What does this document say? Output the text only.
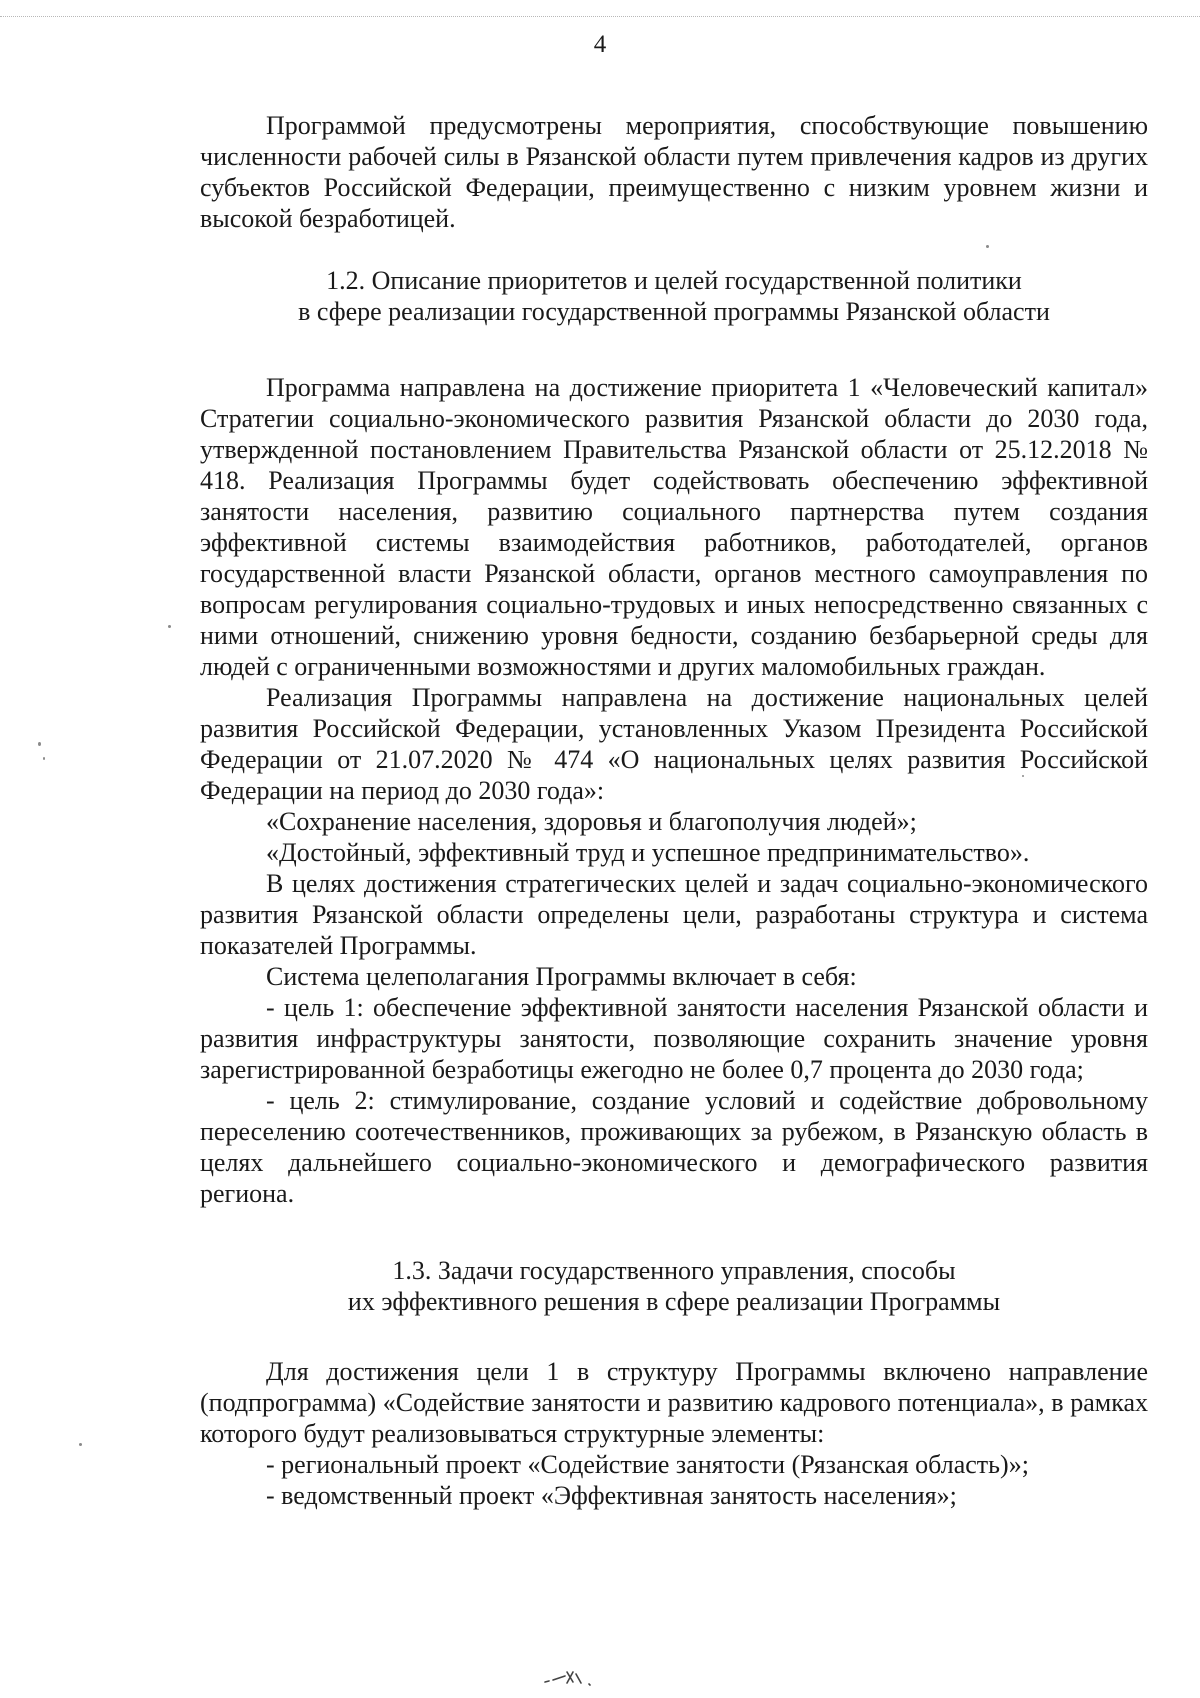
4

Программой предусмотрены мероприятия, способствующие повышению численности рабочей силы в Рязанской области путем привлечения кадров из других субъектов Российской Федерации, преимущественно с низким уровнем жизни и высокой безработицей.

1.2. Описание приоритетов и целей государственной политики
в сфере реализации государственной программы Рязанской области

Программа направлена на достижение приоритета 1 «Человеческий капитал» Стратегии социально-экономического развития Рязанской области до 2030 года, утвержденной постановлением Правительства Рязанской области от 25.12.2018 № 418. Реализация Программы будет содействовать обеспечению эффективной занятости населения, развитию социального партнерства путем создания эффективной системы взаимодействия работников, работодателей, органов государственной власти Рязанской области, органов местного самоуправления по вопросам регулирования социально-трудовых и иных непосредственно связанных с ними отношений, снижению уровня бедности, созданию безбарьерной среды для людей с ограниченными возможностями и других маломобильных граждан.

Реализация Программы направлена на достижение национальных целей развития Российской Федерации, установленных Указом Президента Российской Федерации от 21.07.2020 № 474 «О национальных целях развития Российской Федерации на период до 2030 года»:

«Сохранение населения, здоровья и благополучия людей»;

«Достойный, эффективный труд и успешное предпринимательство».

В целях достижения стратегических целей и задач социально-экономического развития Рязанской области определены цели, разработаны структура и система показателей Программы.

Система целеполагания Программы включает в себя:

- цель 1: обеспечение эффективной занятости населения Рязанской области и развития инфраструктуры занятости, позволяющие сохранить значение уровня зарегистрированной безработицы ежегодно не более 0,7 процента до 2030 года;

- цель 2: стимулирование, создание условий и содействие добровольному переселению соотечественников, проживающих за рубежом, в Рязанскую область в целях дальнейшего социально-экономического и демографического развития региона.

1.3. Задачи государственного управления, способы
их эффективного решения в сфере реализации Программы

Для достижения цели 1 в структуру Программы включено направление (подпрограмма) «Содействие занятости и развитию кадрового потенциала», в рамках которого будут реализовываться структурные элементы:

- региональный проект «Содействие занятости (Рязанская область)»;

- ведомственный проект «Эффективная занятость населения»;
